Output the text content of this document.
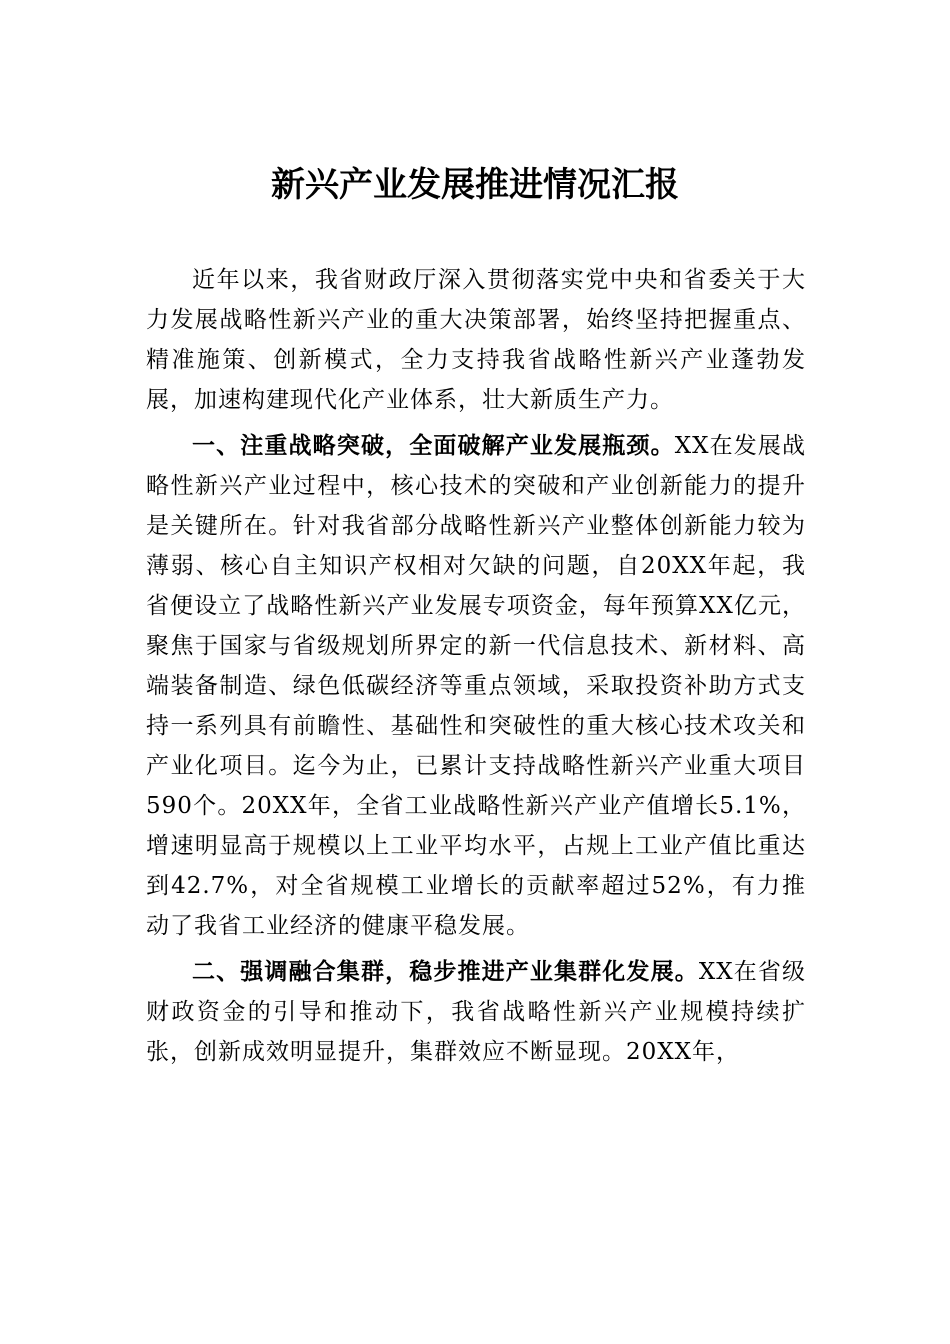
新兴产业发展推进情况汇报

近年以来，我省财政厅深入贯彻落实党中央和省委关于大力发展战略性新兴产业的重大决策部署，始终坚持把握重点、精准施策、创新模式，全力支持我省战略性新兴产业蓬勃发展，加速构建现代化产业体系，壮大新质生产力。

一、注重战略突破，全面破解产业发展瓶颈。XX在发展战略性新兴产业过程中，核心技术的突破和产业创新能力的提升是关键所在。针对我省部分战略性新兴产业整体创新能力较为薄弱、核心自主知识产权相对欠缺的问题，自20XX年起，我省便设立了战略性新兴产业发展专项资金，每年预算XX亿元，聚焦于国家与省级规划所界定的新一代信息技术、新材料、高端装备制造、绿色低碳经济等重点领域，采取投资补助方式支持一系列具有前瞻性、基础性和突破性的重大核心技术攻关和产业化项目。迄今为止，已累计支持战略性新兴产业重大项目590个。20XX年，全省工业战略性新兴产业产值增长5.1%，增速明显高于规模以上工业平均水平，占规上工业产值比重达到42.7%，对全省规模工业增长的贡献率超过52%，有力推动了我省工业经济的健康平稳发展。

二、强调融合集群，稳步推进产业集群化发展。XX在省级财政资金的引导和推动下，我省战略性新兴产业规模持续扩张，创新成效明显提升，集群效应不断显现。20XX年，
